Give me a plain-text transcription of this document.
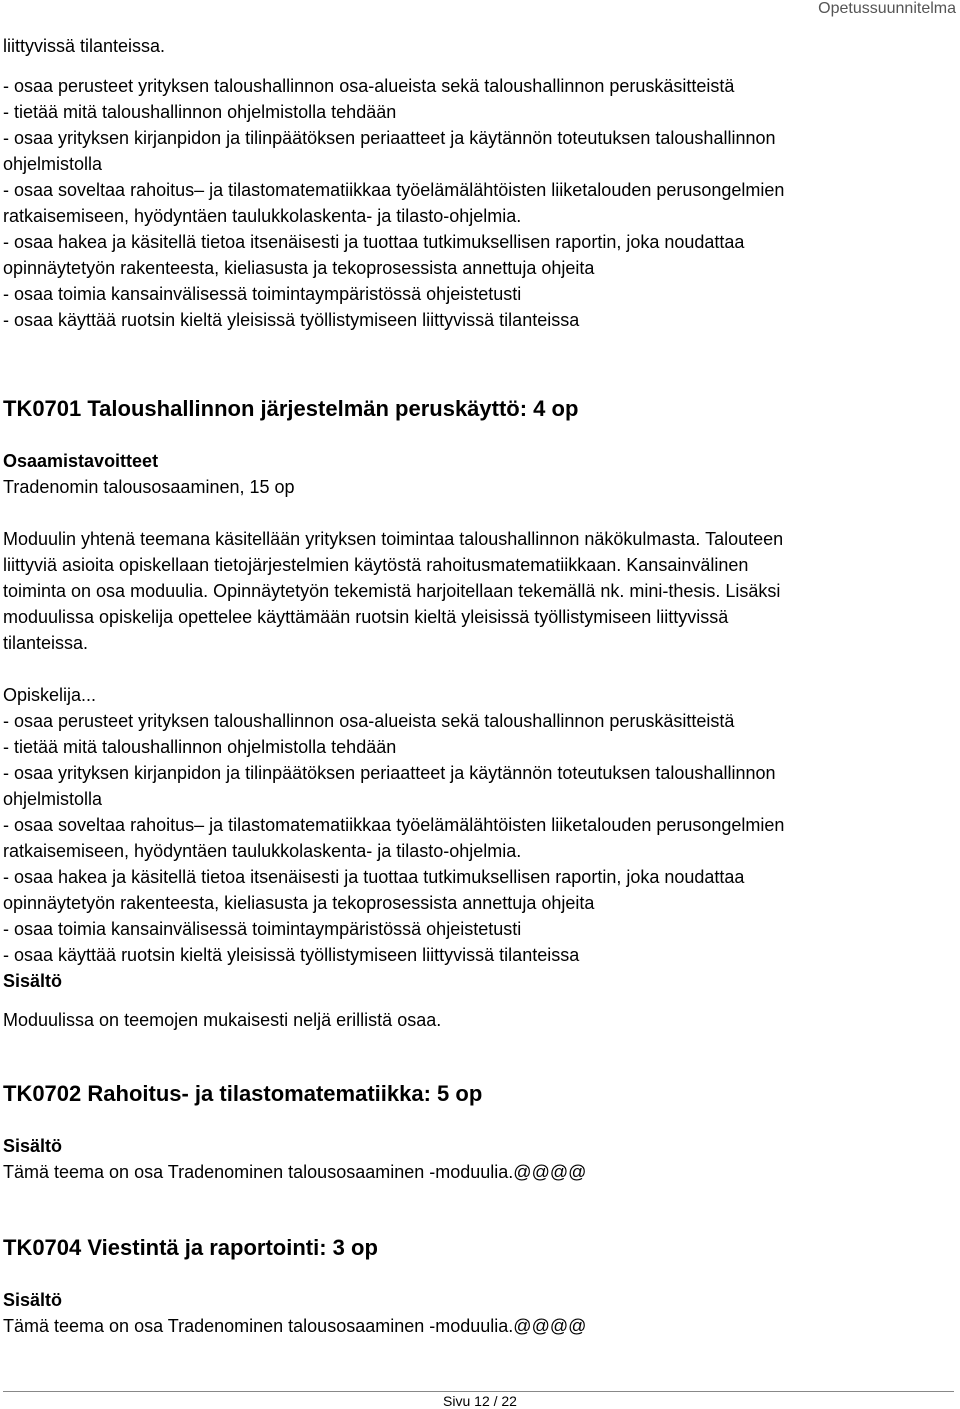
Opetussuunnitelma
liittyvissä tilanteissa.
- osaa perusteet yrityksen taloushallinnon osa-alueista sekä taloushallinnon peruskäsitteistä
- tietää mitä taloushallinnon ohjelmistolla tehdään
- osaa yrityksen kirjanpidon ja tilinpäätöksen periaatteet ja käytännön toteutuksen taloushallinnon
ohjelmistolla
- osaa soveltaa rahoitus– ja tilastomatematiikkaa työelämälähtöisten liiketalouden perusongelmien
ratkaisemiseen, hyödyntäen taulukkolaskenta- ja tilasto-ohjelmia.
- osaa hakea ja käsitellä tietoa itsenäisesti ja tuottaa tutkimuksellisen raportin, joka noudattaa
opinnäytetyön rakenteesta, kieliasusta ja tekoprosessista annettuja ohjeita
- osaa toimia kansainvälisessä toimintaympäristössä ohjeistetusti
- osaa käyttää ruotsin kieltä yleisissä työllistymiseen liittyvissä tilanteissa
TK0701 Taloushallinnon järjestelmän peruskäyttö: 4 op
Osaamistavoitteet
Tradenomin talousosaaminen, 15 op
Moduulin yhtenä teemana käsitellään yrityksen toimintaa taloushallinnon näkökulmasta. Talouteen
liittyviä asioita opiskellaan tietojärjestelmien käytöstä rahoitusmatematiikkaan. Kansainvälinen
toiminta on osa moduulia. Opinnäytetyön tekemistä harjoitellaan tekemällä nk. mini-thesis. Lisäksi
moduulissa opiskelija opettelee käyttämään ruotsin kieltä yleisissä työllistymiseen liittyvissä
tilanteissa.
Opiskelija...
- osaa perusteet yrityksen taloushallinnon osa-alueista sekä taloushallinnon peruskäsitteistä
- tietää mitä taloushallinnon ohjelmistolla tehdään
- osaa yrityksen kirjanpidon ja tilinpäätöksen periaatteet ja käytännön toteutuksen taloushallinnon
ohjelmistolla
- osaa soveltaa rahoitus– ja tilastomatematiikkaa työelämälähtöisten liiketalouden perusongelmien
ratkaisemiseen, hyödyntäen taulukkolaskenta- ja tilasto-ohjelmia.
- osaa hakea ja käsitellä tietoa itsenäisesti ja tuottaa tutkimuksellisen raportin, joka noudattaa
opinnäytetyön rakenteesta, kieliasusta ja tekoprosessista annettuja ohjeita
- osaa toimia kansainvälisessä toimintaympäristössä ohjeistetusti
- osaa käyttää ruotsin kieltä yleisissä työllistymiseen liittyvissä tilanteissa
Sisältö
Moduulissa on teemojen mukaisesti neljä erillistä osaa.
TK0702 Rahoitus- ja tilastomatematiikka: 5 op
Sisältö
Tämä teema on osa Tradenominen talousosaaminen -moduulia.@@@@
TK0704 Viestintä ja raportointi: 3 op
Sisältö
Tämä teema on osa Tradenominen talousosaaminen -moduulia.@@@@
Sivu 12 / 22
